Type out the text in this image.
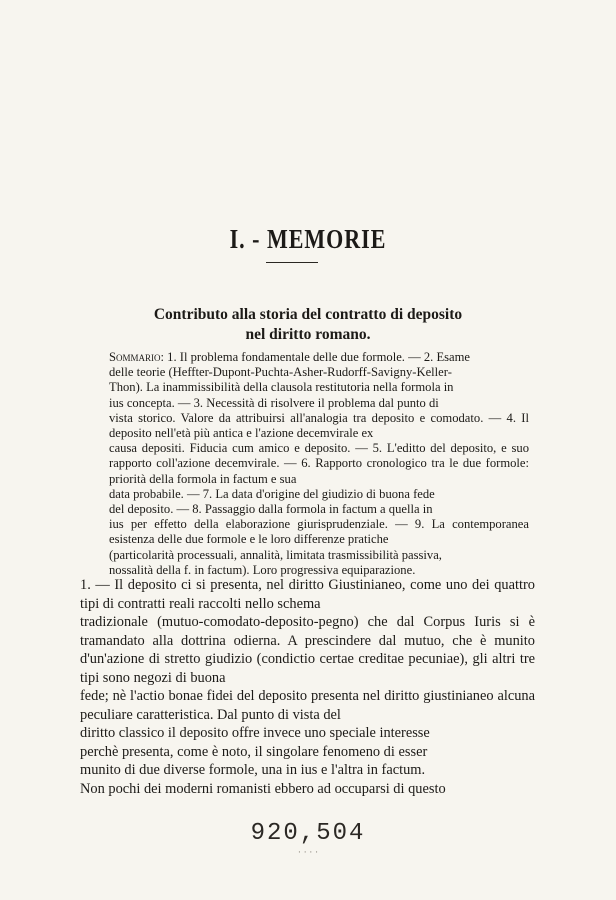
I. - MEMORIE
Contributo alla storia del contratto di deposito
nel diritto romano.
Sommario: 1. Il problema fondamentale delle due formole. — 2. Esame
delle teorie (Heffter-Dupont-Puchta-Asher-Rudorff-Savigny-Keller-
Thon). La inammissibilità della clausola restitutoria nella formola in
ius concepta. — 3. Necessità di risolvere il problema dal punto di
vista storico. Valore da attribuirsi all'analogia tra deposito e comodato. — 4. Il deposito nell'età più antica e l'azione decemvirale ex
causa depositi. Fiducia cum amico e deposito. — 5. L'editto del deposito, e suo rapporto coll'azione decemvirale. — 6. Rapporto cronologico tra le due formole: priorità della formola in factum e sua
data probabile. — 7. La data d'origine del giudizio di buona fede
del deposito. — 8. Passaggio dalla formola in factum a quella in
ius per effetto della elaborazione giurisprudenziale. — 9. La contemporanea esistenza delle due formole e le loro differenze pratiche
(particolarità processuali, annalità, limitata trasmissibilità passiva,
nossalità della f. in factum). Loro progressiva equiparazione.
1. — Il deposito ci si presenta, nel diritto Giustinianeo, come uno dei quattro tipi di contratti reali raccolti nello schema
tradizionale (mutuo-comodato-deposito-pegno) che dal Corpus Iuris si è tramandato alla dottrina odierna. A prescindere dal mutuo, che è munito d'un'azione di stretto giudizio (condictio certae creditae pecuniae), gli altri tre tipi sono negozi di buona
fede; nè l'actio bonae fidei del deposito presenta nel diritto giustinianeo alcuna peculiare caratteristica. Dal punto di vista del
diritto classico il deposito offre invece uno speciale interesse
perchè presenta, come è noto, il singolare fenomeno di esser
munito di due diverse formole, una in ius e l'altra in factum.
Non pochi dei moderni romanisti ebbero ad occuparsi di questo
920,504
· · · ·
